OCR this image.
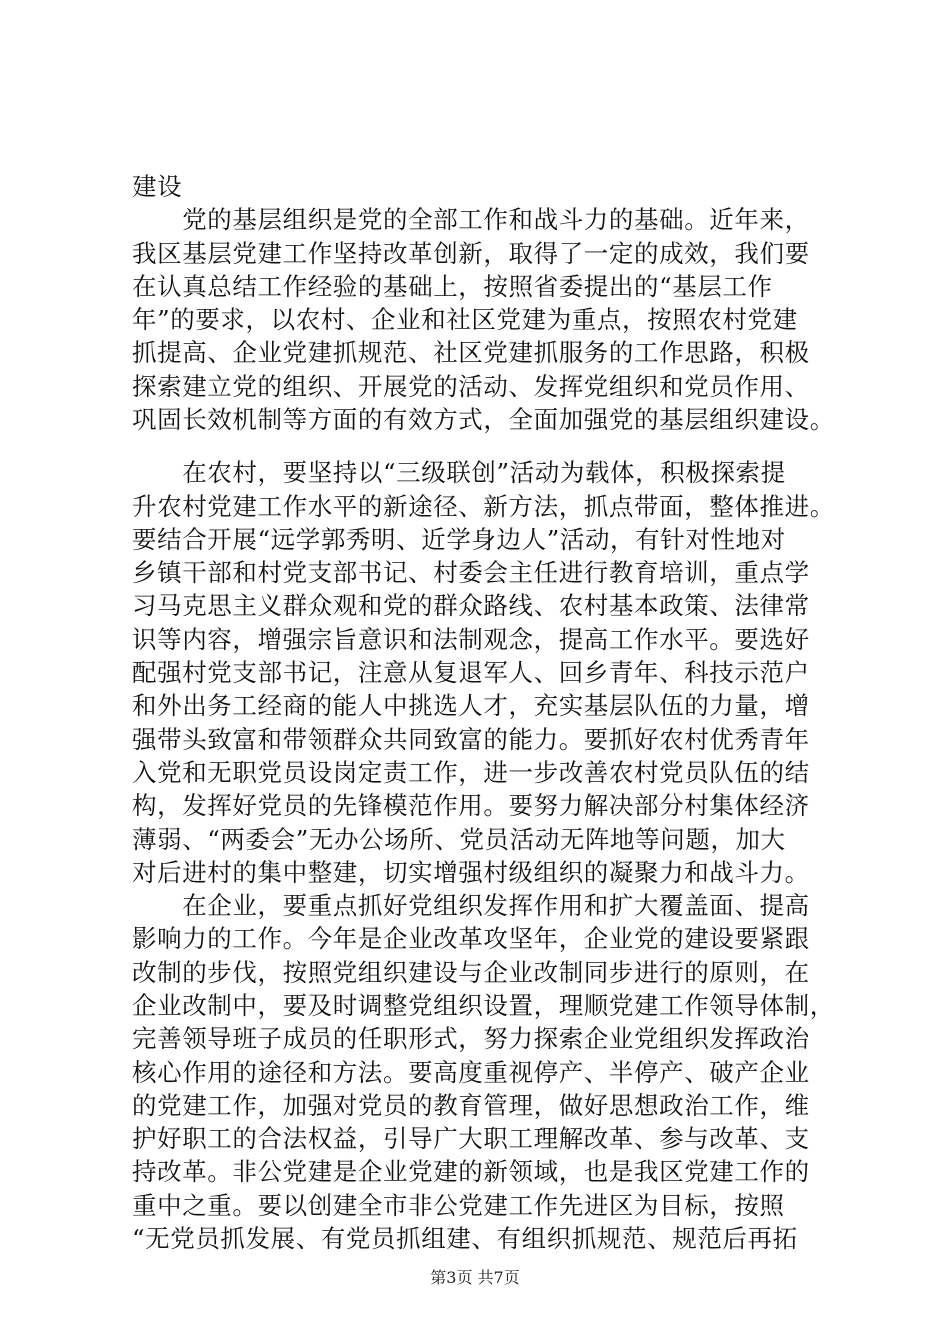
建设
　　党的基层组织是党的全部工作和战斗力的基础。近年来，
我区基层党建工作坚持改革创新，取得了一定的成效，我们要
在认真总结工作经验的基础上，按照省委提出的“基层工作
年”的要求，以农村、企业和社区党建为重点，按照农村党建
抓提高、企业党建抓规范、社区党建抓服务的工作思路，积极
探索建立党的组织、开展党的活动、发挥党组织和党员作用、
巩固长效机制等方面的有效方式，全面加强党的基层组织建设。
　　在农村，要坚持以“三级联创”活动为载体，积极探索提
升农村党建工作水平的新途径、新方法，抓点带面，整体推进。
要结合开展“远学郭秀明、近学身边人”活动，有针对性地对
乡镇干部和村党支部书记、村委会主任进行教育培训，重点学
习马克思主义群众观和党的群众路线、农村基本政策、法律常
识等内容，增强宗旨意识和法制观念，提高工作水平。要选好
配强村党支部书记，注意从复退军人、回乡青年、科技示范户
和外出务工经商的能人中挑选人才，充实基层队伍的力量，增
强带头致富和带领群众共同致富的能力。要抓好农村优秀青年
入党和无职党员设岗定责工作，进一步改善农村党员队伍的结
构，发挥好党员的先锋模范作用。要努力解决部分村集体经济
薄弱、“两委会”无办公场所、党员活动无阵地等问题，加大
对后进村的集中整建，切实增强村级组织的凝聚力和战斗力。
　　在企业，要重点抓好党组织发挥作用和扩大覆盖面、提高
影响力的工作。今年是企业改革攻坚年，企业党的建设要紧跟
改制的步伐，按照党组织建设与企业改制同步进行的原则，在
企业改制中，要及时调整党组织设置，理顺党建工作领导体制，
完善领导班子成员的任职形式，努力探索企业党组织发挥政治
核心作用的途径和方法。要高度重视停产、半停产、破产企业
的党建工作，加强对党员的教育管理，做好思想政治工作，维
护好职工的合法权益，引导广大职工理解改革、参与改革、支
持改革。非公党建是企业党建的新领域，也是我区党建工作的
重中之重。要以创建全市非公党建工作先进区为目标，按照
“无党员抓发展、有党员抓组建、有组织抓规范、规范后再拓
第3页 共7页
